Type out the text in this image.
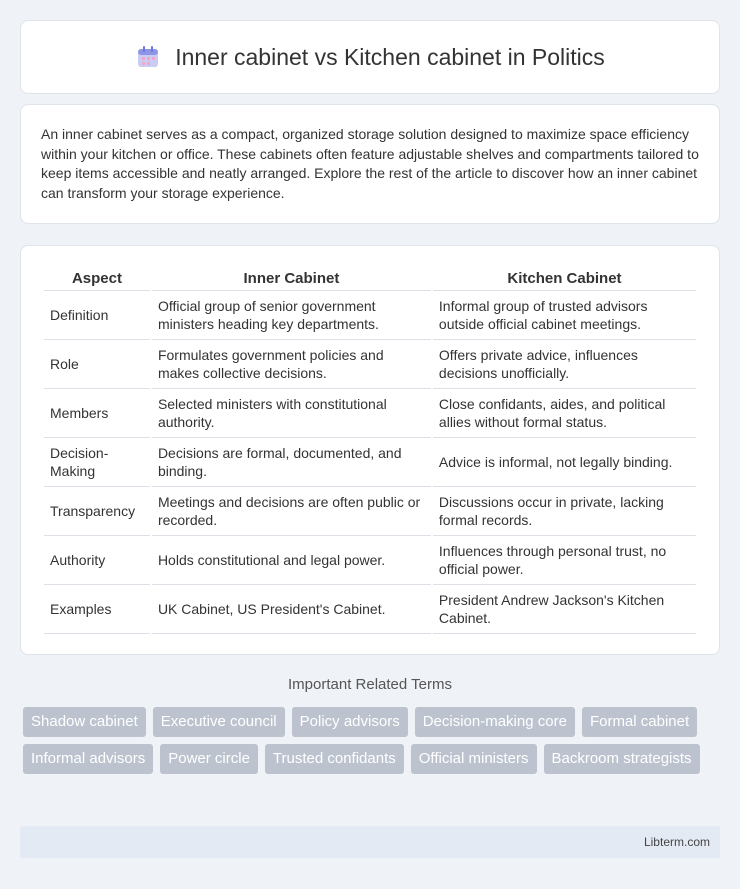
Inner cabinet vs Kitchen cabinet in Politics

An inner cabinet serves as a compact, organized storage solution designed to maximize space efficiency within your kitchen or office. These cabinets often feature adjustable shelves and compartments tailored to keep items accessible and neatly arranged. Explore the rest of the article to discover how an inner cabinet can transform your storage experience.

Aspect	Inner Cabinet	Kitchen Cabinet
Definition	Official group of senior government ministers heading key departments.	Informal group of trusted advisors outside official cabinet meetings.
Role	Formulates government policies and makes collective decisions.	Offers private advice, influences decisions unofficially.
Members	Selected ministers with constitutional authority.	Close confidants, aides, and political allies without formal status.
Decision-Making	Decisions are formal, documented, and binding.	Advice is informal, not legally binding.
Transparency	Meetings and decisions are often public or recorded.	Discussions occur in private, lacking formal records.
Authority	Holds constitutional and legal power.	Influences through personal trust, no official power.
Examples	UK Cabinet, US President's Cabinet.	President Andrew Jackson's Kitchen Cabinet.
Important Related Terms
Shadow cabinet	Executive council	Policy advisors	Decision-making core	Formal cabinet
Informal advisors	Power circle	Trusted confidants	Official ministers	Backroom strategists
Libterm.com
